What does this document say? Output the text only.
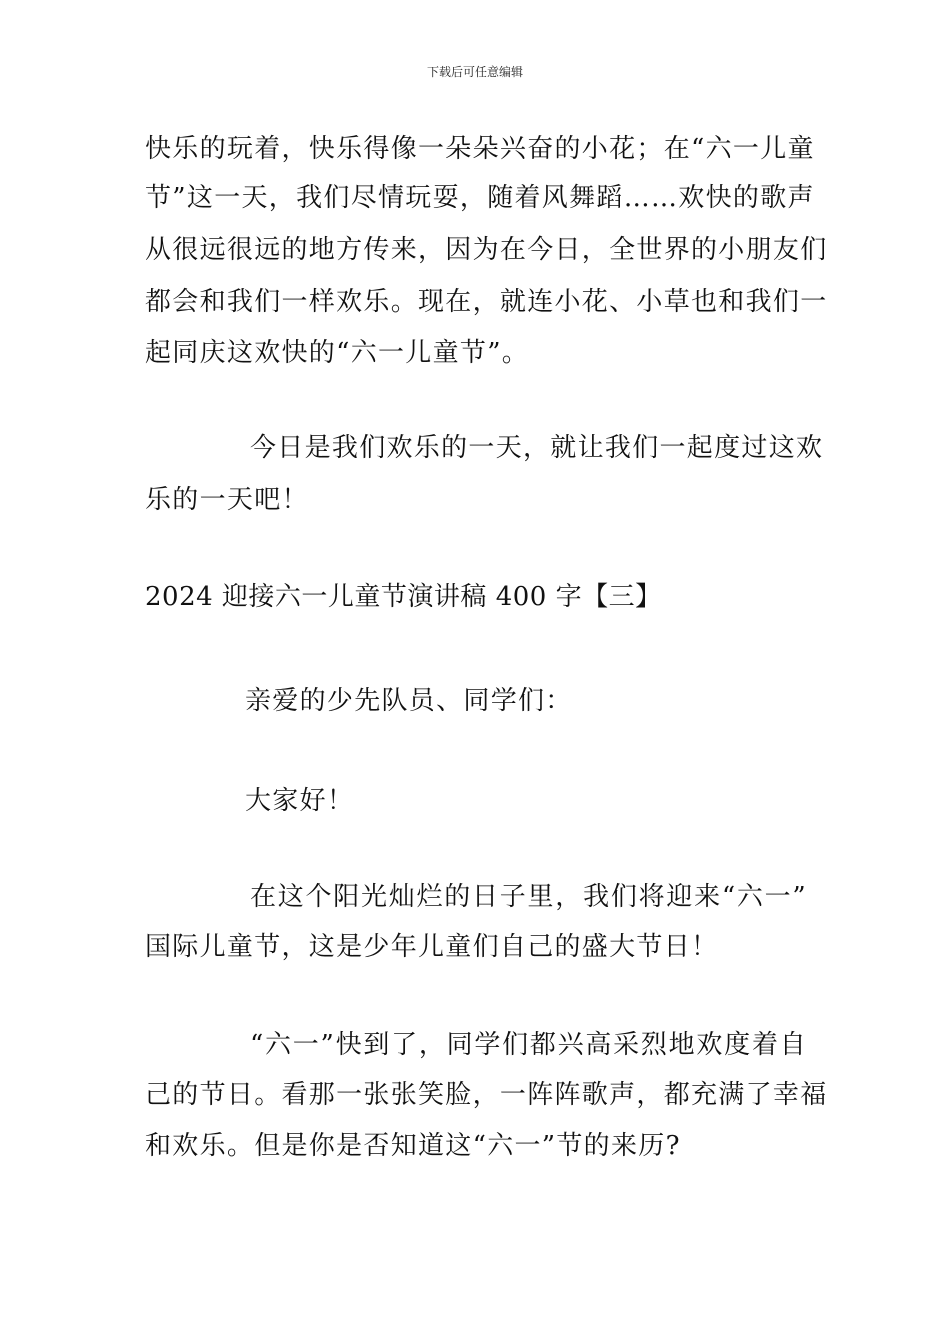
下载后可任意编辑
快乐的玩着，快乐得像一朵朵兴奋的小花；在“六一儿童
节”这一天，我们尽情玩耍，随着风舞蹈……欢快的歌声
从很远很远的地方传来，因为在今日，全世界的小朋友们
都会和我们一样欢乐。现在，就连小花、小草也和我们一
起同庆这欢快的“六一儿童节”。
今日是我们欢乐的一天，就让我们一起度过这欢
乐的一天吧！
2024 迎接六一儿童节演讲稿 400 字【三】
亲爱的少先队员、同学们：
大家好！
在这个阳光灿烂的日子里，我们将迎来“六一”
国际儿童节，这是少年儿童们自己的盛大节日！
“六一”快到了，同学们都兴高采烈地欢度着自
己的节日。看那一张张笑脸，一阵阵歌声，都充满了幸福
和欢乐。但是你是否知道这“六一”节的来历?
